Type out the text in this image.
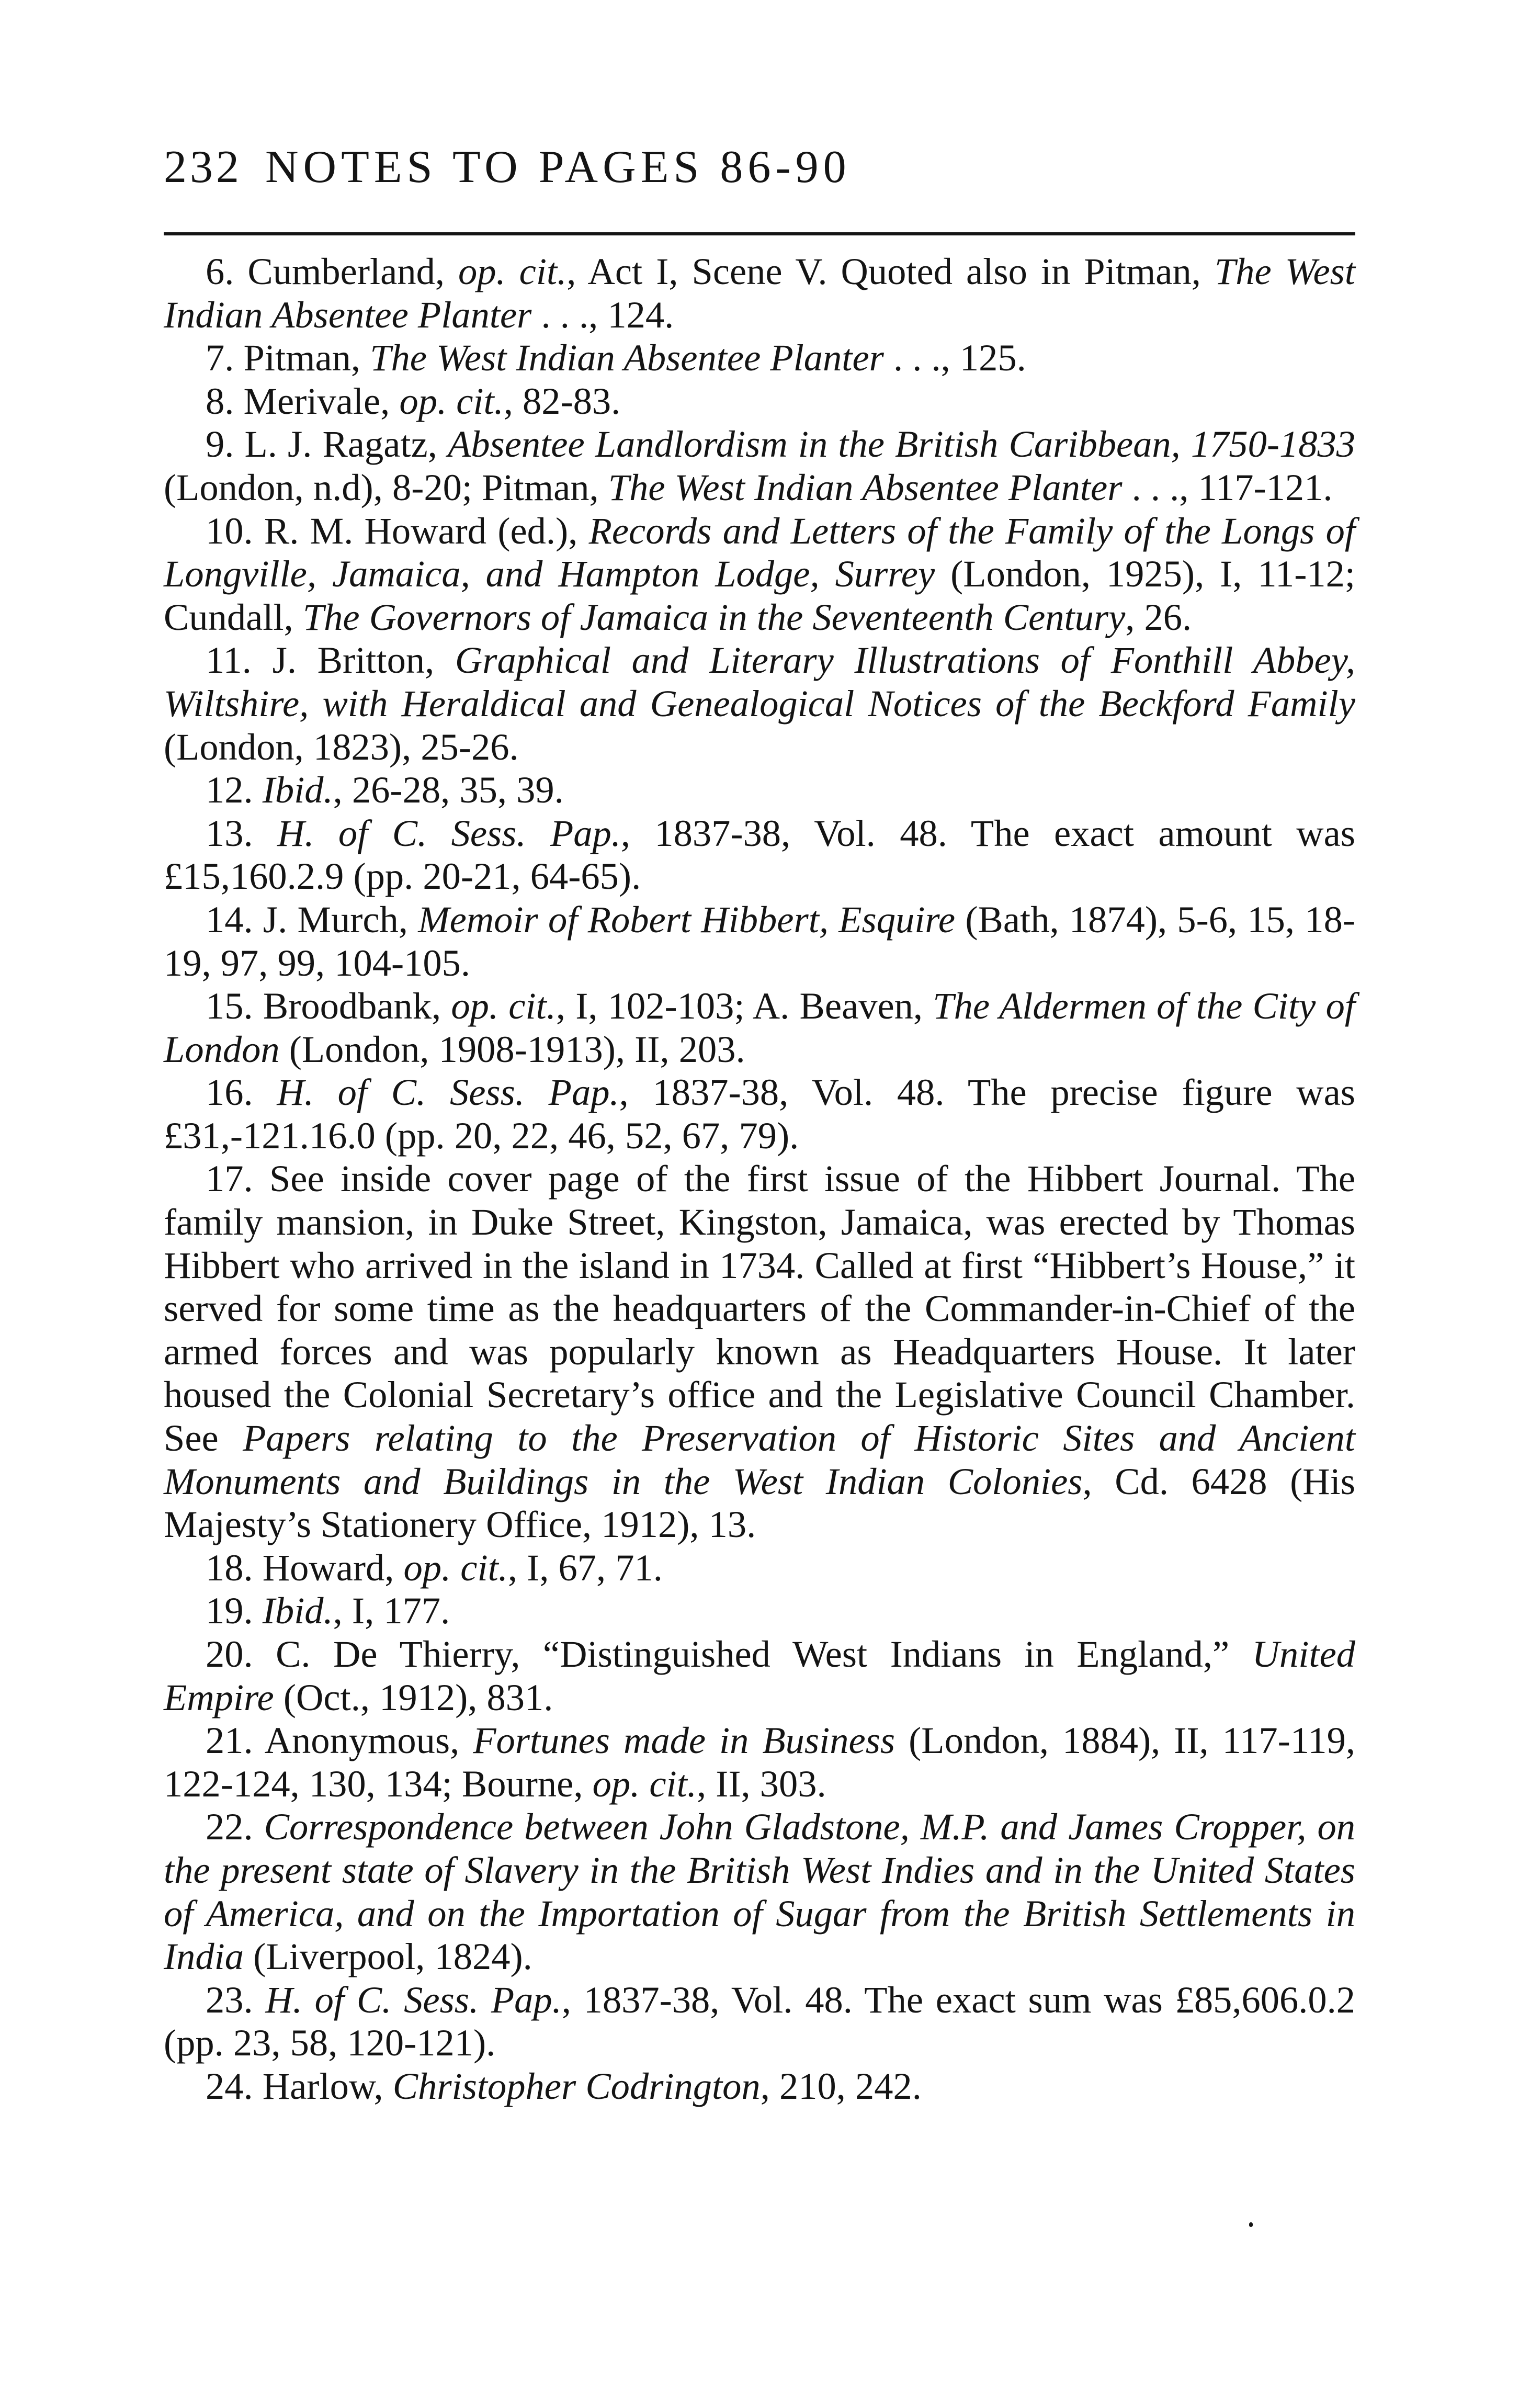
232 NOTES TO PAGES 86-90

6. Cumberland, op. cit., Act I, Scene V. Quoted also in Pitman, The West Indian Absentee Planter . . ., 124.

7. Pitman, The West Indian Absentee Planter . . ., 125.

8. Merivale, op. cit., 82-83.

9. L. J. Ragatz, Absentee Landlordism in the British Caribbean, 1750-1833 (London, n.d), 8-20; Pitman, The West Indian Absentee Planter . . ., 117-121.

10. R. M. Howard (ed.), Records and Letters of the Family of the Longs of Longville, Jamaica, and Hampton Lodge, Surrey (London, 1925), I, 11-12; Cundall, The Governors of Jamaica in the Seventeenth Century, 26.

11. J. Britton, Graphical and Literary Illustrations of Fonthill Abbey, Wiltshire, with Heraldical and Genealogical Notices of the Beckford Family (London, 1823), 25-26.

12. Ibid., 26-28, 35, 39.

13. H. of C. Sess. Pap., 1837-38, Vol. 48. The exact amount was £15,160.2.9 (pp. 20-21, 64-65).

14. J. Murch, Memoir of Robert Hibbert, Esquire (Bath, 1874), 5-6, 15, 18-19, 97, 99, 104-105.

15. Broodbank, op. cit., I, 102-103; A. Beaven, The Aldermen of the City of London (London, 1908-1913), II, 203.

16. H. of C. Sess. Pap., 1837-38, Vol. 48. The precise figure was £31,-121.16.0 (pp. 20, 22, 46, 52, 67, 79).

17. See inside cover page of the first issue of the Hibbert Journal. The family mansion, in Duke Street, Kingston, Jamaica, was erected by Thomas Hibbert who arrived in the island in 1734. Called at first “Hibbert’s House,” it served for some time as the headquarters of the Commander-in-Chief of the armed forces and was popularly known as Headquarters House. It later housed the Colonial Secretary’s office and the Legislative Council Chamber. See Papers relating to the Preservation of Historic Sites and Ancient Monuments and Buildings in the West Indian Colonies, Cd. 6428 (His Majesty’s Stationery Office, 1912), 13.

18. Howard, op. cit., I, 67, 71.

19. Ibid., I, 177.

20. C. De Thierry, “Distinguished West Indians in England,” United Empire (Oct., 1912), 831.

21. Anonymous, Fortunes made in Business (London, 1884), II, 117-119, 122-124, 130, 134; Bourne, op. cit., II, 303.

22. Correspondence between John Gladstone, M.P. and James Cropper, on the present state of Slavery in the British West Indies and in the United States of America, and on the Importation of Sugar from the British Settlements in India (Liverpool, 1824).

23. H. of C. Sess. Pap., 1837-38, Vol. 48. The exact sum was £85,606.0.2 (pp. 23, 58, 120-121).

24. Harlow, Christopher Codrington, 210, 242.
